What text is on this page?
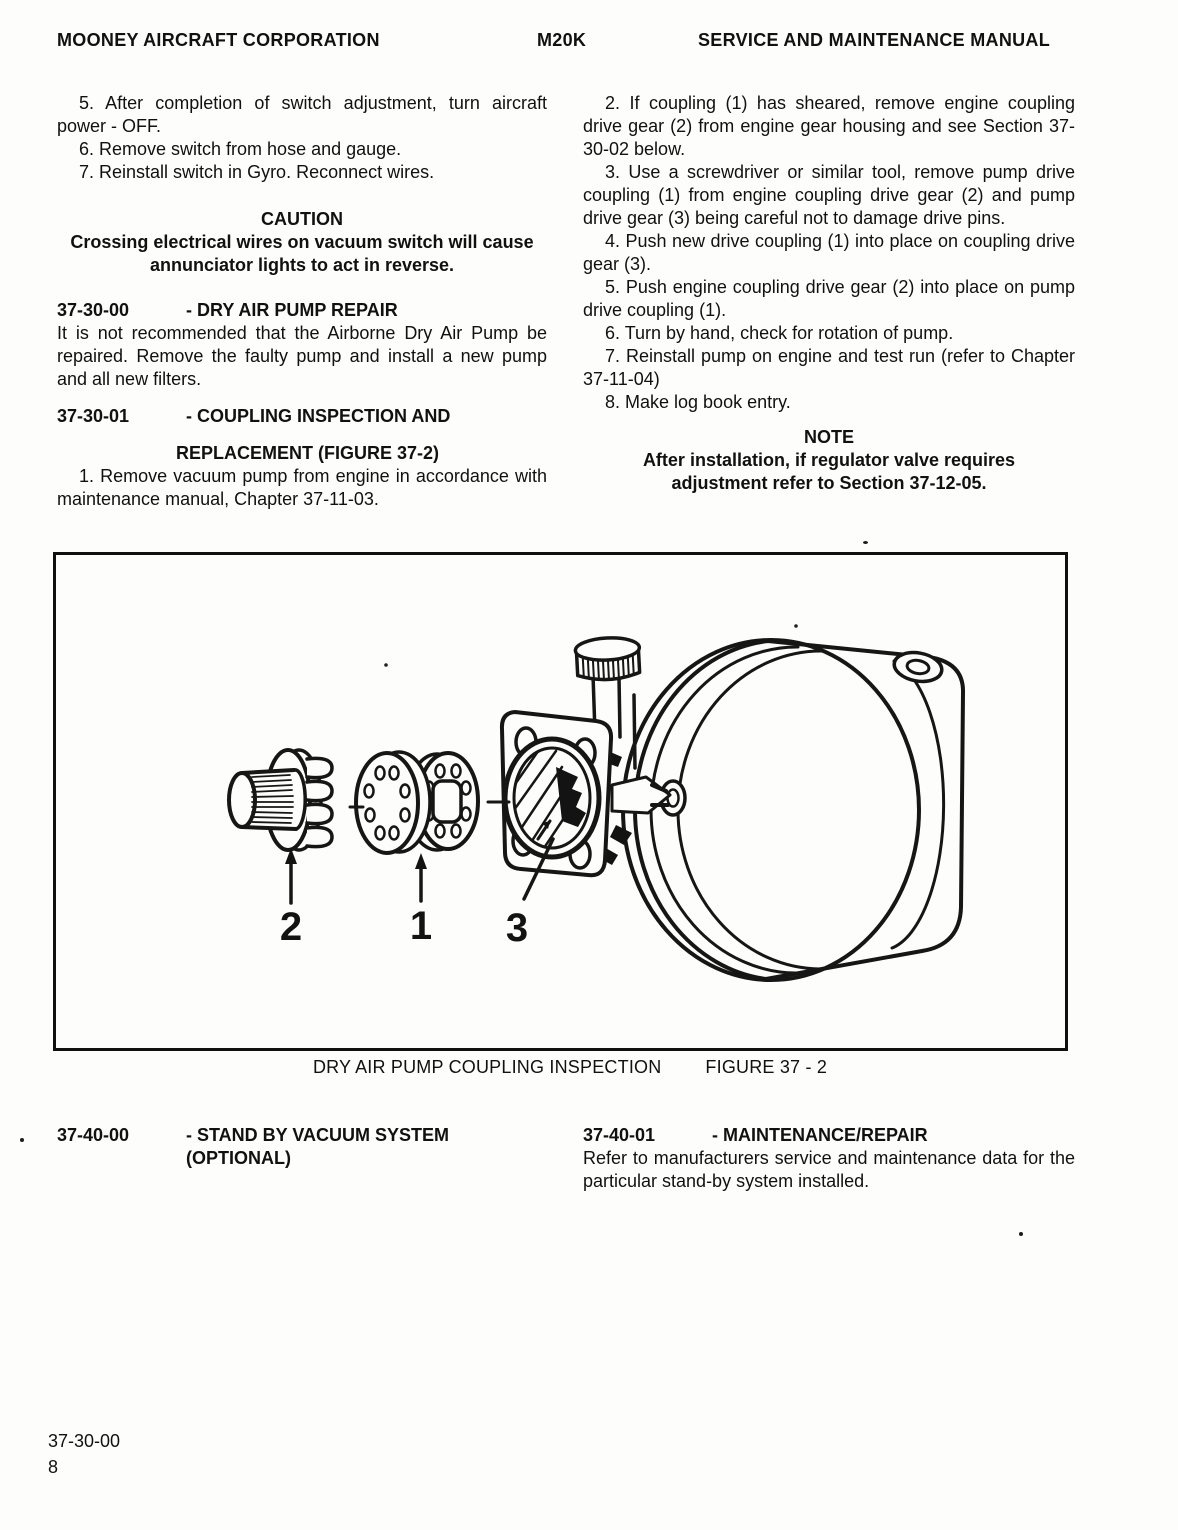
MOONEY AIRCRAFT CORPORATION	M20K	SERVICE AND MAINTENANCE MANUAL

5. After completion of switch adjustment, turn aircraft power - OFF.

6. Remove switch from hose and gauge.

7. Reinstall switch in Gyro. Reconnect wires.

CAUTION
Crossing electrical wires on vacuum switch will cause annunciator lights to act in reverse.
37-30-00	- DRY AIR PUMP REPAIR

It is not recommended that the Airborne Dry Air Pump be repaired. Remove the faulty pump and install a new pump and all new filters.

37-30-01	- COUPLING INSPECTION AND
REPLACEMENT (FIGURE 37-2)

1. Remove vacuum pump from engine in accordance with maintenance manual, Chapter 37-11-03.

2. If coupling (1) has sheared, remove engine coupling drive gear (2) from engine gear housing and see Section 37-30-02 below.

3. Use a screwdriver or similar tool, remove pump drive coupling (1) from engine coupling drive gear (2) and pump drive gear (3) being careful not to damage drive pins.

4. Push new drive coupling (1) into place on coupling drive gear (3).

5. Push engine coupling drive gear (2) into place on pump drive coupling (1).

6. Turn by hand, check for rotation of pump.

7. Reinstall pump on engine and test run (refer to Chapter 37-11-04)

8. Make log book entry.

NOTE
After installation, if regulator valve requires adjustment refer to Section 37-12-05.
2	1 3
DRY AIR PUMP COUPLING INSPECTION FIGURE 37 - 2
37-40-00	- STAND BY VACUUM SYSTEM
(OPTIONAL)
37-40-01	- MAINTENANCE/REPAIR

Refer to manufacturers service and maintenance data for the particular stand-by system installed.

37-30-00
8
